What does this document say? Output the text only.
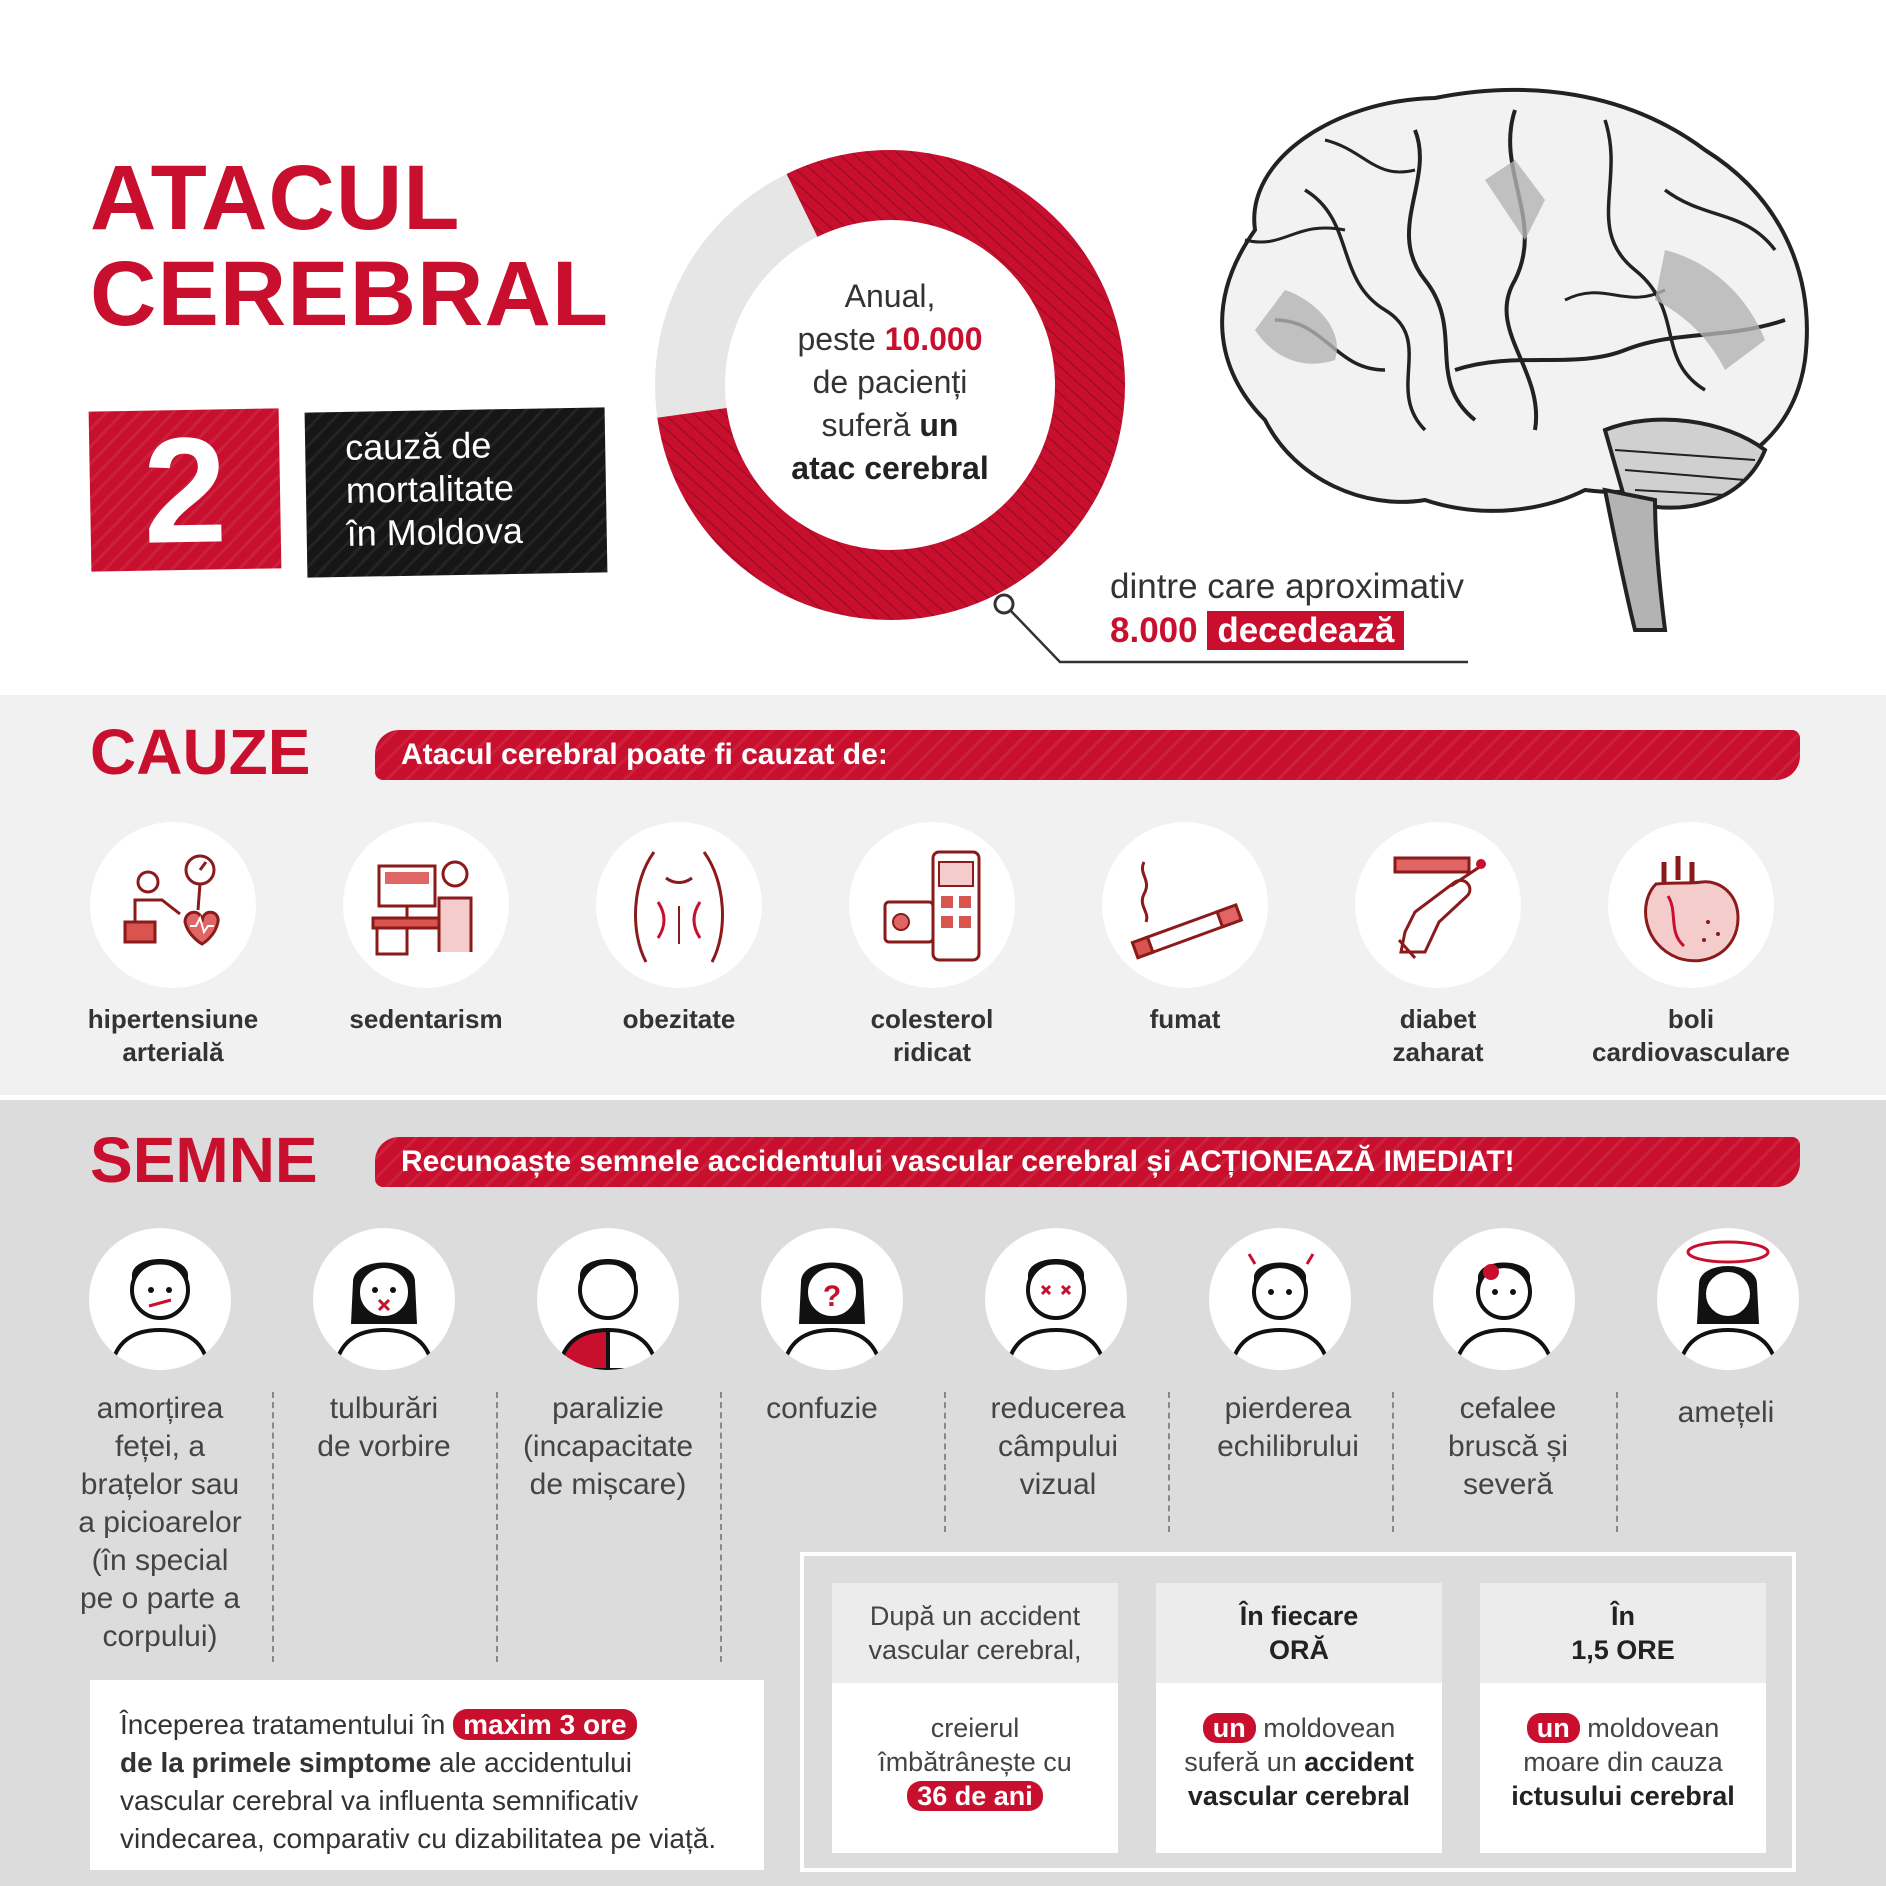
ATACUL
CEREBRAL
2	cauză de
mortalitate
în Moldova
Anual,
peste 10.000
de pacienți
suferă un
atac cerebral
dintre care aproximativ
8.000 decedează
CAUZE	Atacul cerebral poate fi cauzat de:
hipertensiune
arterială
sedentarism	obezitate	colesterol
ridicat
fumat	diabet
zaharat
boli
cardiovasculare
SEMNE	Recunoaște semnele accidentului vascular cerebral și ACȚIONEAZĂ IMEDIAT!
?
amorțirea
feței, a
brațelor sau
a picioarelor
(în special
pe o parte a
corpului)
tulburări
de vorbire
paralizie
(incapacitate
de mișcare)
confuzie	reducerea
câmpului
vizual
pierderea
echilibrului
cefalee
bruscă și
severă
amețeli
Începerea tratamentului în maxim 3 ore
de la primele simptome ale accidentului vascular cerebral va influenta semnificativ vindecarea, comparativ cu dizabilitatea pe viață.
După un accident
vascular cerebral,
creierul
îmbătrânește cu
36 de ani
În fiecare
ORĂ
un moldovean
suferă un accident
vascular cerebral
În
1,5 ORE
un moldovean
moare din cauza
ictusului cerebral
